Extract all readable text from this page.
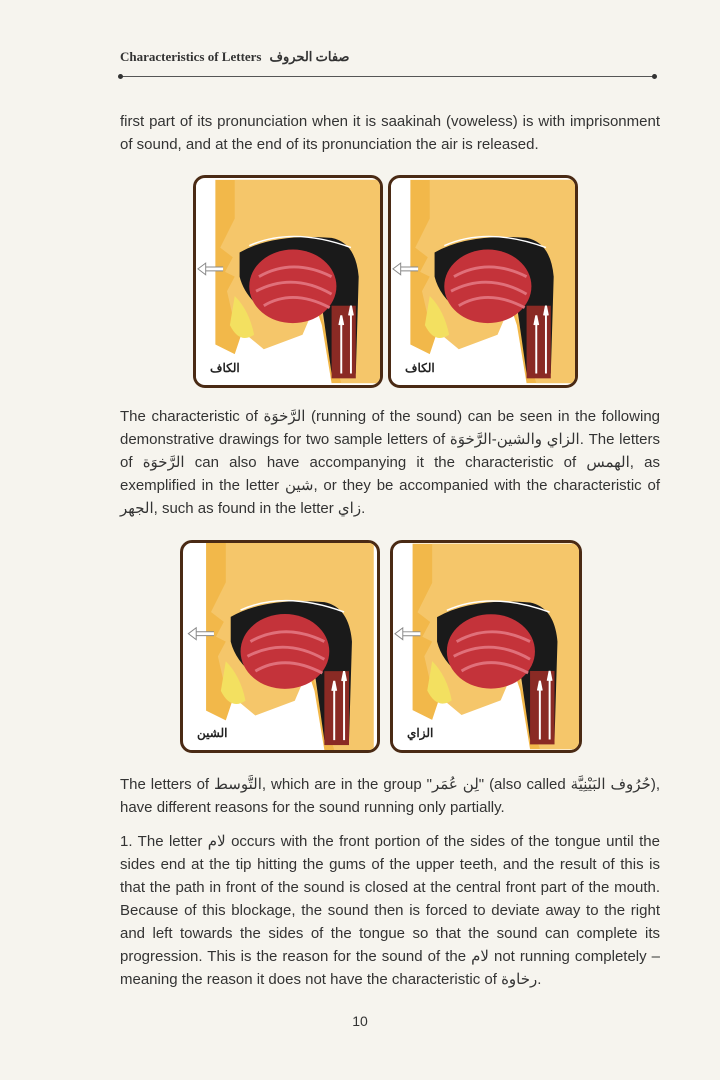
Characteristics of Letters صفات الحروف
first part of its pronunciation when it is saakinah (voweless) is with imprisonment of sound, and at the end of its pronunciation the air is released.
الكاف	الكاف
The characteristic of الرَّخوَة (running of the sound) can be seen in the following demonstrative drawings for two sample letters of الزاي والشين-الرَّخوَة. The letters of الرَّخوَة can also have accompanying it the characteristic of الهمس, as exemplified in the letter شين, or they be accompanied with the characteristic of الجهر, such as found in the letter زاي.
الشين	الزاي
The letters of التَّوسط, which are in the group "لِن عُمَر" (also called حُرُوف البَيْنِيَّة), have different reasons for the sound running only partially.
1. The letter لام occurs with the front portion of the sides of the tongue until the sides end at the tip hitting the gums of the upper teeth, and the result of this is that the path in front of the sound is closed at the central front part of the mouth. Because of this blockage, the sound then is forced to deviate away to the right and left towards the sides of the tongue so that the sound can complete its progression. This is the reason for the sound of the لام not running completely – meaning the reason it does not have the characteristic of رخاوة.
10
